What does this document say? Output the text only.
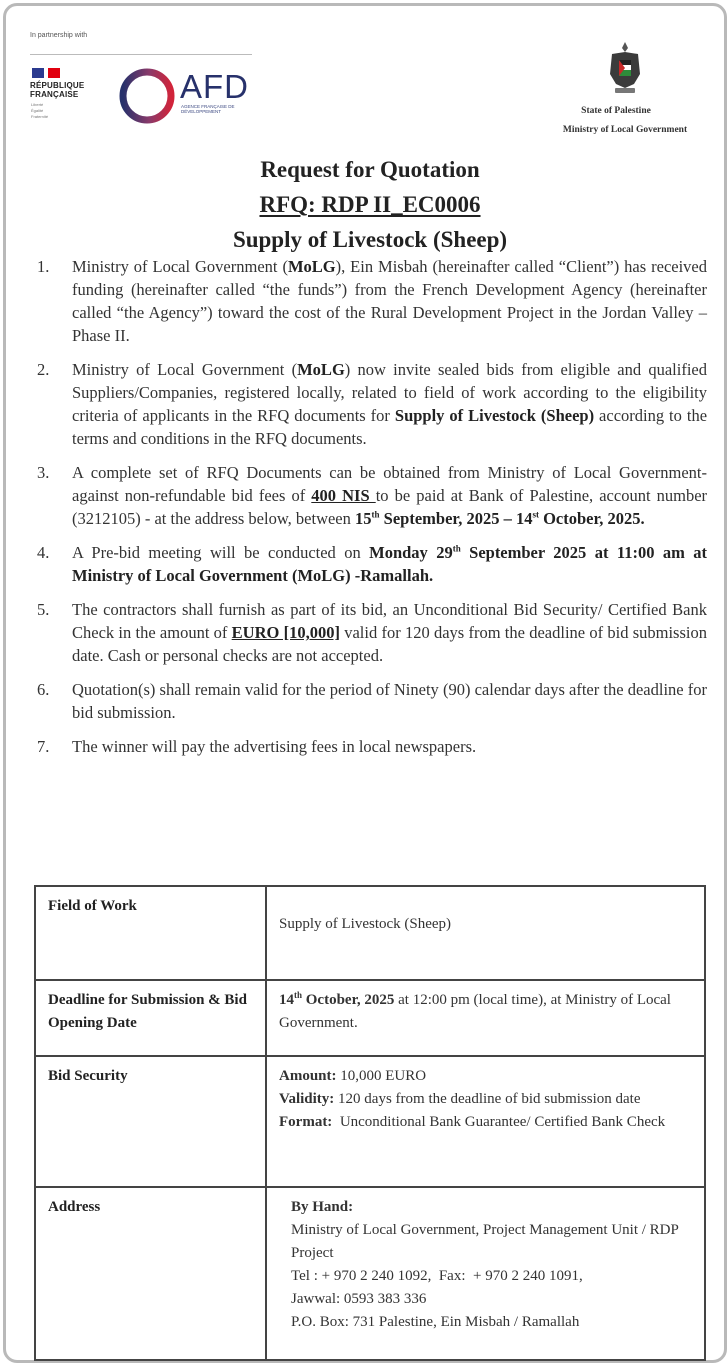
In partnership with
RÉPUBLIQUE
FRANÇAISE
Liberté Égalité Fraternité
AFD
AGENCE FRANÇAISE DE DÉVELOPPEMENT	State of Palestine
Ministry of Local Government
Request for Quotation
RFQ: RDP II_EC0006
Supply of Livestock (Sheep)
1.	Ministry of Local Government (MoLG), Ein Misbah (hereinafter called “Client”) has received funding (hereinafter called “the funds”) from the French Development Agency (hereinafter called “the Agency”) toward the cost of the Rural Development Project in the Jordan Valley – Phase II.
2.	Ministry of Local Government (MoLG) now invite sealed bids from eligible and qualified Suppliers/Companies, registered locally, related to field of work according to the eligibility criteria of applicants in the RFQ documents for Supply of Livestock (Sheep) according to the terms and conditions in the RFQ documents.
3.	A complete set of RFQ Documents can be obtained from Ministry of Local Government- against non-refundable bid fees of 400 NIS to be paid at Bank of Palestine, account number (3212105) - at the address below, between 15th September, 2025 – 14st October, 2025.
4.	A Pre-bid meeting will be conducted on Monday 29th September 2025 at 11:00 am at Ministry of Local Government (MoLG) -Ramallah.
5.	The contractors shall furnish as part of its bid, an Unconditional Bid Security/ Certified Bank Check in the amount of EURO [10,000] valid for 120 days from the deadline of bid submission date. Cash or personal checks are not accepted.
6.	Quotation(s) shall remain valid for the period of Ninety (90) calendar days after the deadline for bid submission.
7.	The winner will pay the advertising fees in local newspapers.
Field of Work	Supply of Livestock (Sheep)
Deadline for Submission & Bid Opening Date	14th October, 2025 at 12:00 pm (local time), at Ministry of Local Government.
Bid Security	Amount: 10,000 EURO
Validity: 120 days from the deadline of bid submission date
Format:  Unconditional Bank Guarantee/ Certified Bank Check

Address	By Hand:
Ministry of Local Government, Project Management Unit / RDP Project
Tel : + 970 2 240 1092,  Fax:  + 970 2 240 1091,
Jawwal: 0593 383 336
P.O. Box: 731 Palestine, Ein Misbah / Ramallah
